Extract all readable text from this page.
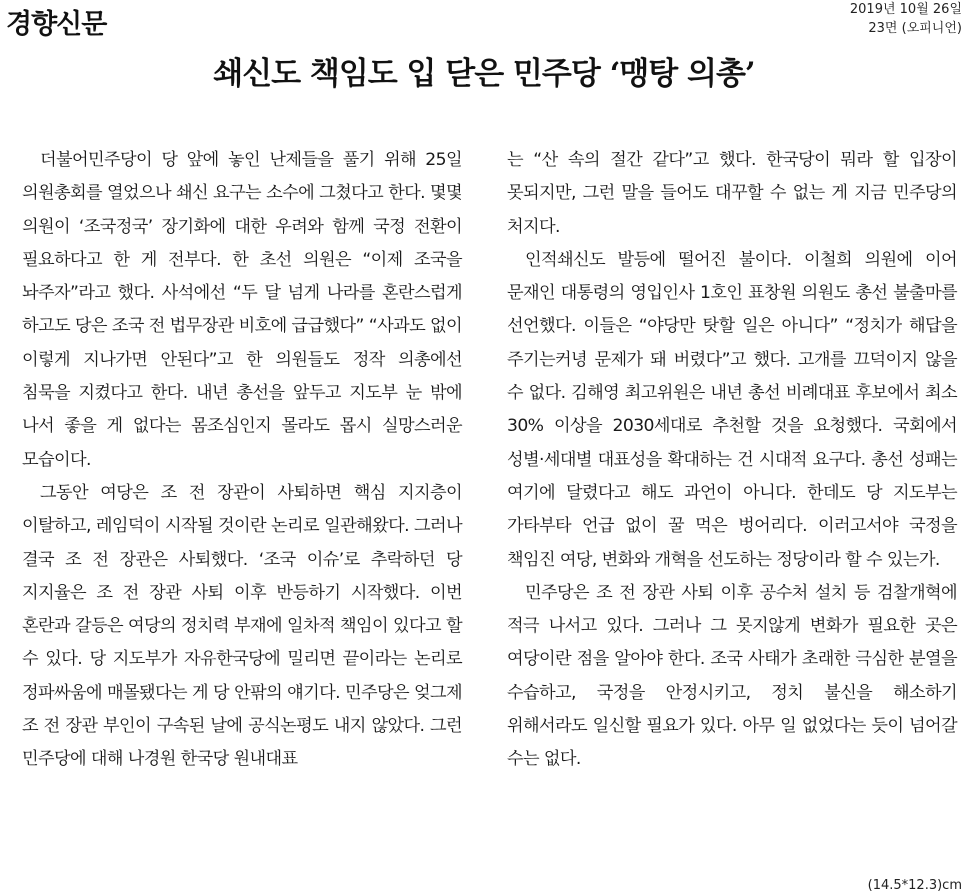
경향신문	2019년 10월 26일
23면 (오피니언)
쇄신도 책임도 입 닫은 민주당 ‘맹탕 의총’

더불어민주당이 당 앞에 놓인 난제들을 풀기 위해 25일 의원총회를 열었으나 쇄신 요구는 소수에 그쳤다고 한다. 몇몇 의원이 ‘조국정국’ 장기화에 대한 우려와 함께 국정 전환이 필요하다고 한 게 전부다. 한 초선 의원은 “이제 조국을 놔주자”라고 했다. 사석에선 “두 달 넘게 나라를 혼란스럽게 하고도 당은 조국 전 법무장관 비호에 급급했다” “사과도 없이 이렇게 지나가면 안된다”고 한 의원들도 정작 의총에선 침묵을 지켰다고 한다. 내년 총선을 앞두고 지도부 눈 밖에 나서 좋을 게 없다는 몸조심인지 몰라도 몹시 실망스러운 모습이다.

그동안 여당은 조 전 장관이 사퇴하면 핵심 지지층이 이탈하고, 레임덕이 시작될 것이란 논리로 일관해왔다. 그러나 결국 조 전 장관은 사퇴했다. ‘조국 이슈’로 추락하던 당 지지율은 조 전 장관 사퇴 이후 반등하기 시작했다. 이번 혼란과 갈등은 여당의 정치력 부재에 일차적 책임이 있다고 할 수 있다. 당 지도부가 자유한국당에 밀리면 끝이라는 논리로 정파싸움에 매몰됐다는 게 당 안팎의 얘기다. 민주당은 엊그제 조 전 장관 부인이 구속된 날에 공식논평도 내지 않았다. 그런 민주당에 대해 나경원 한국당 원내대표

는 “산 속의 절간 같다”고 했다. 한국당이 뭐라 할 입장이 못되지만, 그런 말을 들어도 대꾸할 수 없는 게 지금 민주당의 처지다.

인적쇄신도 발등에 떨어진 불이다. 이철희 의원에 이어 문재인 대통령의 영입인사 1호인 표창원 의원도 총선 불출마를 선언했다. 이들은 “야당만 탓할 일은 아니다” “정치가 해답을 주기는커녕 문제가 돼 버렸다”고 했다. 고개를 끄덕이지 않을 수 없다. 김해영 최고위원은 내년 총선 비례대표 후보에서 최소 30% 이상을 2030세대로 추천할 것을 요청했다. 국회에서 성별·세대별 대표성을 확대하는 건 시대적 요구다. 총선 성패는 여기에 달렸다고 해도 과언이 아니다. 한데도 당 지도부는 가타부타 언급 없이 꿀 먹은 벙어리다. 이러고서야 국정을 책임진 여당, 변화와 개혁을 선도하는 정당이라 할 수 있는가.

민주당은 조 전 장관 사퇴 이후 공수처 설치 등 검찰개혁에 적극 나서고 있다. 그러나 그 못지않게 변화가 필요한 곳은 여당이란 점을 알아야 한다. 조국 사태가 초래한 극심한 분열을 수습하고, 국정을 안정시키고, 정치 불신을 해소하기 위해서라도 일신할 필요가 있다. 아무 일 없었다는 듯이 넘어갈 수는 없다.

(14.5*12.3)cm
